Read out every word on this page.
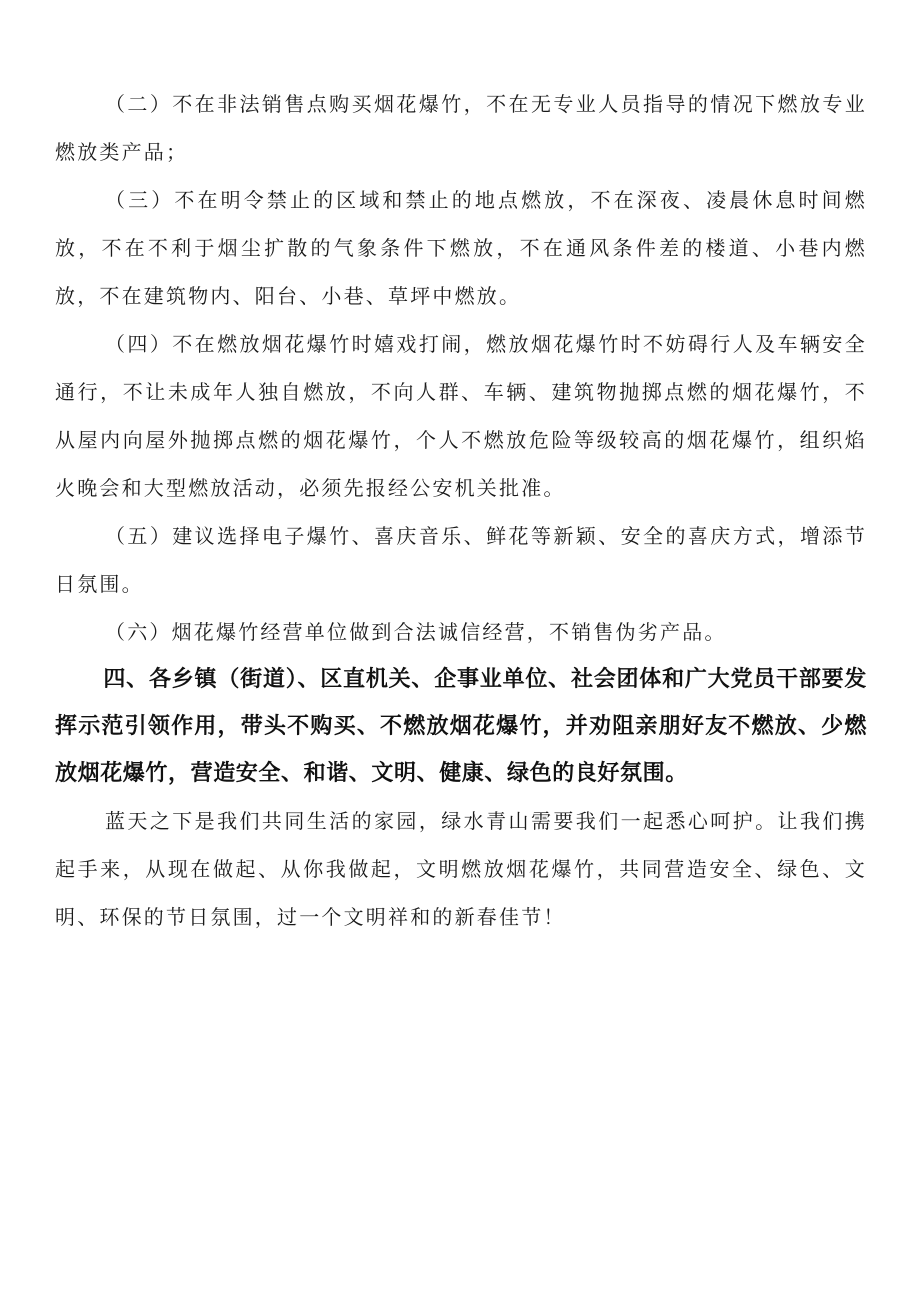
（二）不在非法销售点购买烟花爆竹，不在无专业人员指导的情况下燃放专业燃放类产品；

（三）不在明令禁止的区域和禁止的地点燃放，不在深夜、凌晨休息时间燃放，不在不利于烟尘扩散的气象条件下燃放，不在通风条件差的楼道、小巷内燃放，不在建筑物内、阳台、小巷、草坪中燃放。

（四）不在燃放烟花爆竹时嬉戏打闹，燃放烟花爆竹时不妨碍行人及车辆安全通行，不让未成年人独自燃放，不向人群、车辆、建筑物抛掷点燃的烟花爆竹，不从屋内向屋外抛掷点燃的烟花爆竹，个人不燃放危险等级较高的烟花爆竹，组织焰火晚会和大型燃放活动，必须先报经公安机关批准。

（五）建议选择电子爆竹、喜庆音乐、鲜花等新颖、安全的喜庆方式，增添节日氛围。

（六）烟花爆竹经营单位做到合法诚信经营，不销售伪劣产品。

四、各乡镇（街道）、区直机关、企事业单位、社会团体和广大党员干部要发挥示范引领作用，带头不购买、不燃放烟花爆竹，并劝阻亲朋好友不燃放、少燃放烟花爆竹，营造安全、和谐、文明、健康、绿色的良好氛围。

蓝天之下是我们共同生活的家园，绿水青山需要我们一起悉心呵护。让我们携起手来，从现在做起、从你我做起，文明燃放烟花爆竹，共同营造安全、绿色、文明、环保的节日氛围，过一个文明祥和的新春佳节！
